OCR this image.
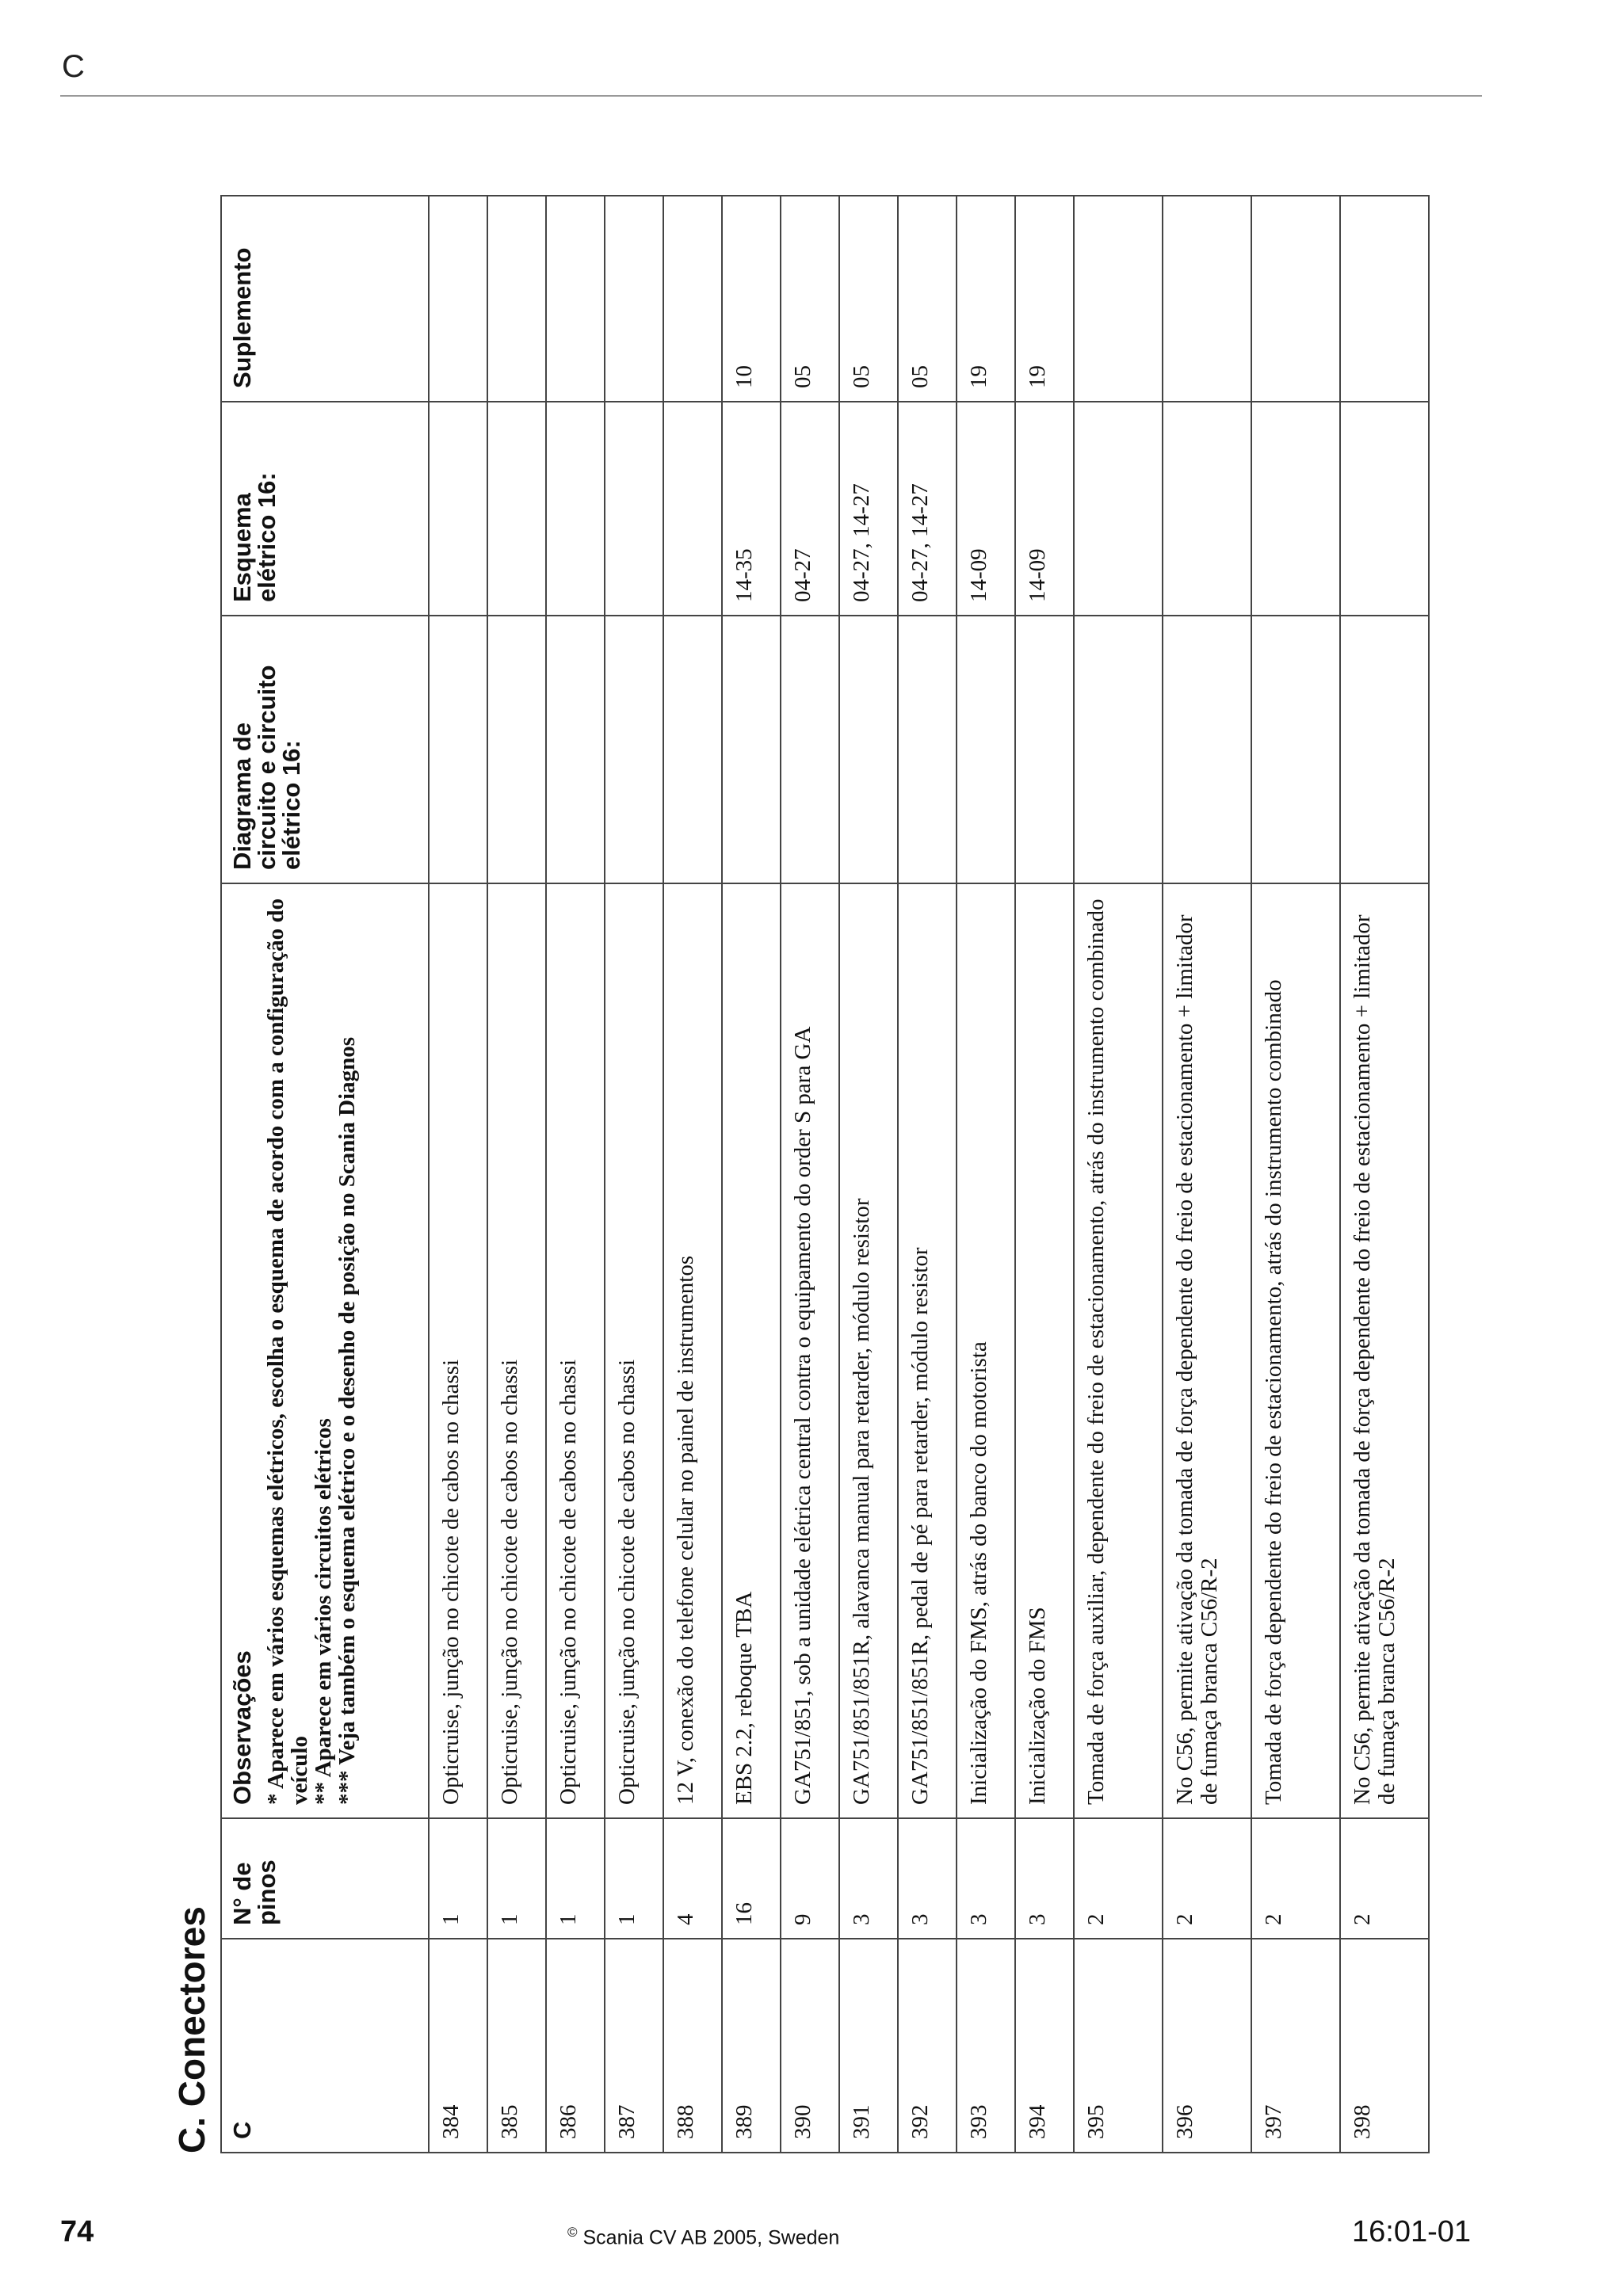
C
C. Conectores C	N° de pinos	Observações * Aparece em vários esquemas elétricos, escolha o esquema de acordo com a configuração do veículo
** Aparece em vários circuitos elétricos
*** Veja também o esquema elétrico e o desenho de posição no Scania Diagnos	Diagrama de circuito e circuito elétrico 16:	Esquema elétrico 16:	Suplemento
384	1	Opticruise, junção no chicote de cabos no chassi			
385	1	Opticruise, junção no chicote de cabos no chassi			
386	1	Opticruise, junção no chicote de cabos no chassi			
387	1	Opticruise, junção no chicote de cabos no chassi			
388	4	12 V, conexão do telefone celular no painel de instrumentos			
389	16	EBS 2.2, reboque TBA		14-35	10
390	9	GA751/851, sob a unidade elétrica central contra o equipamento do order S para GA		04-27	05
391	3	GA751/851/851R, alavanca manual para retarder, módulo resistor		04-27, 14-27	05
392	3	GA751/851/851R, pedal de pé para retarder, módulo resistor		04-27, 14-27	05
393	3	Inicialização do FMS, atrás do banco do motorista		14-09	19
394	3	Inicialização do FMS		14-09	19
395	2	Tomada de força auxiliar, dependente do freio de estacionamento, atrás do instrumento combinado			
396	2	No C56, permite ativação da tomada de força dependente do freio de estacionamento + limitador de fumaça branca C56/R-2			
397	2	Tomada de força dependente do freio de estacionamento, atrás do instrumento combinado			
398	2	No C56, permite ativação da tomada de força dependente do freio de estacionamento + limitador de fumaça branca C56/R-2			
74	© Scania CV AB 2005, Sweden	16:01-01
